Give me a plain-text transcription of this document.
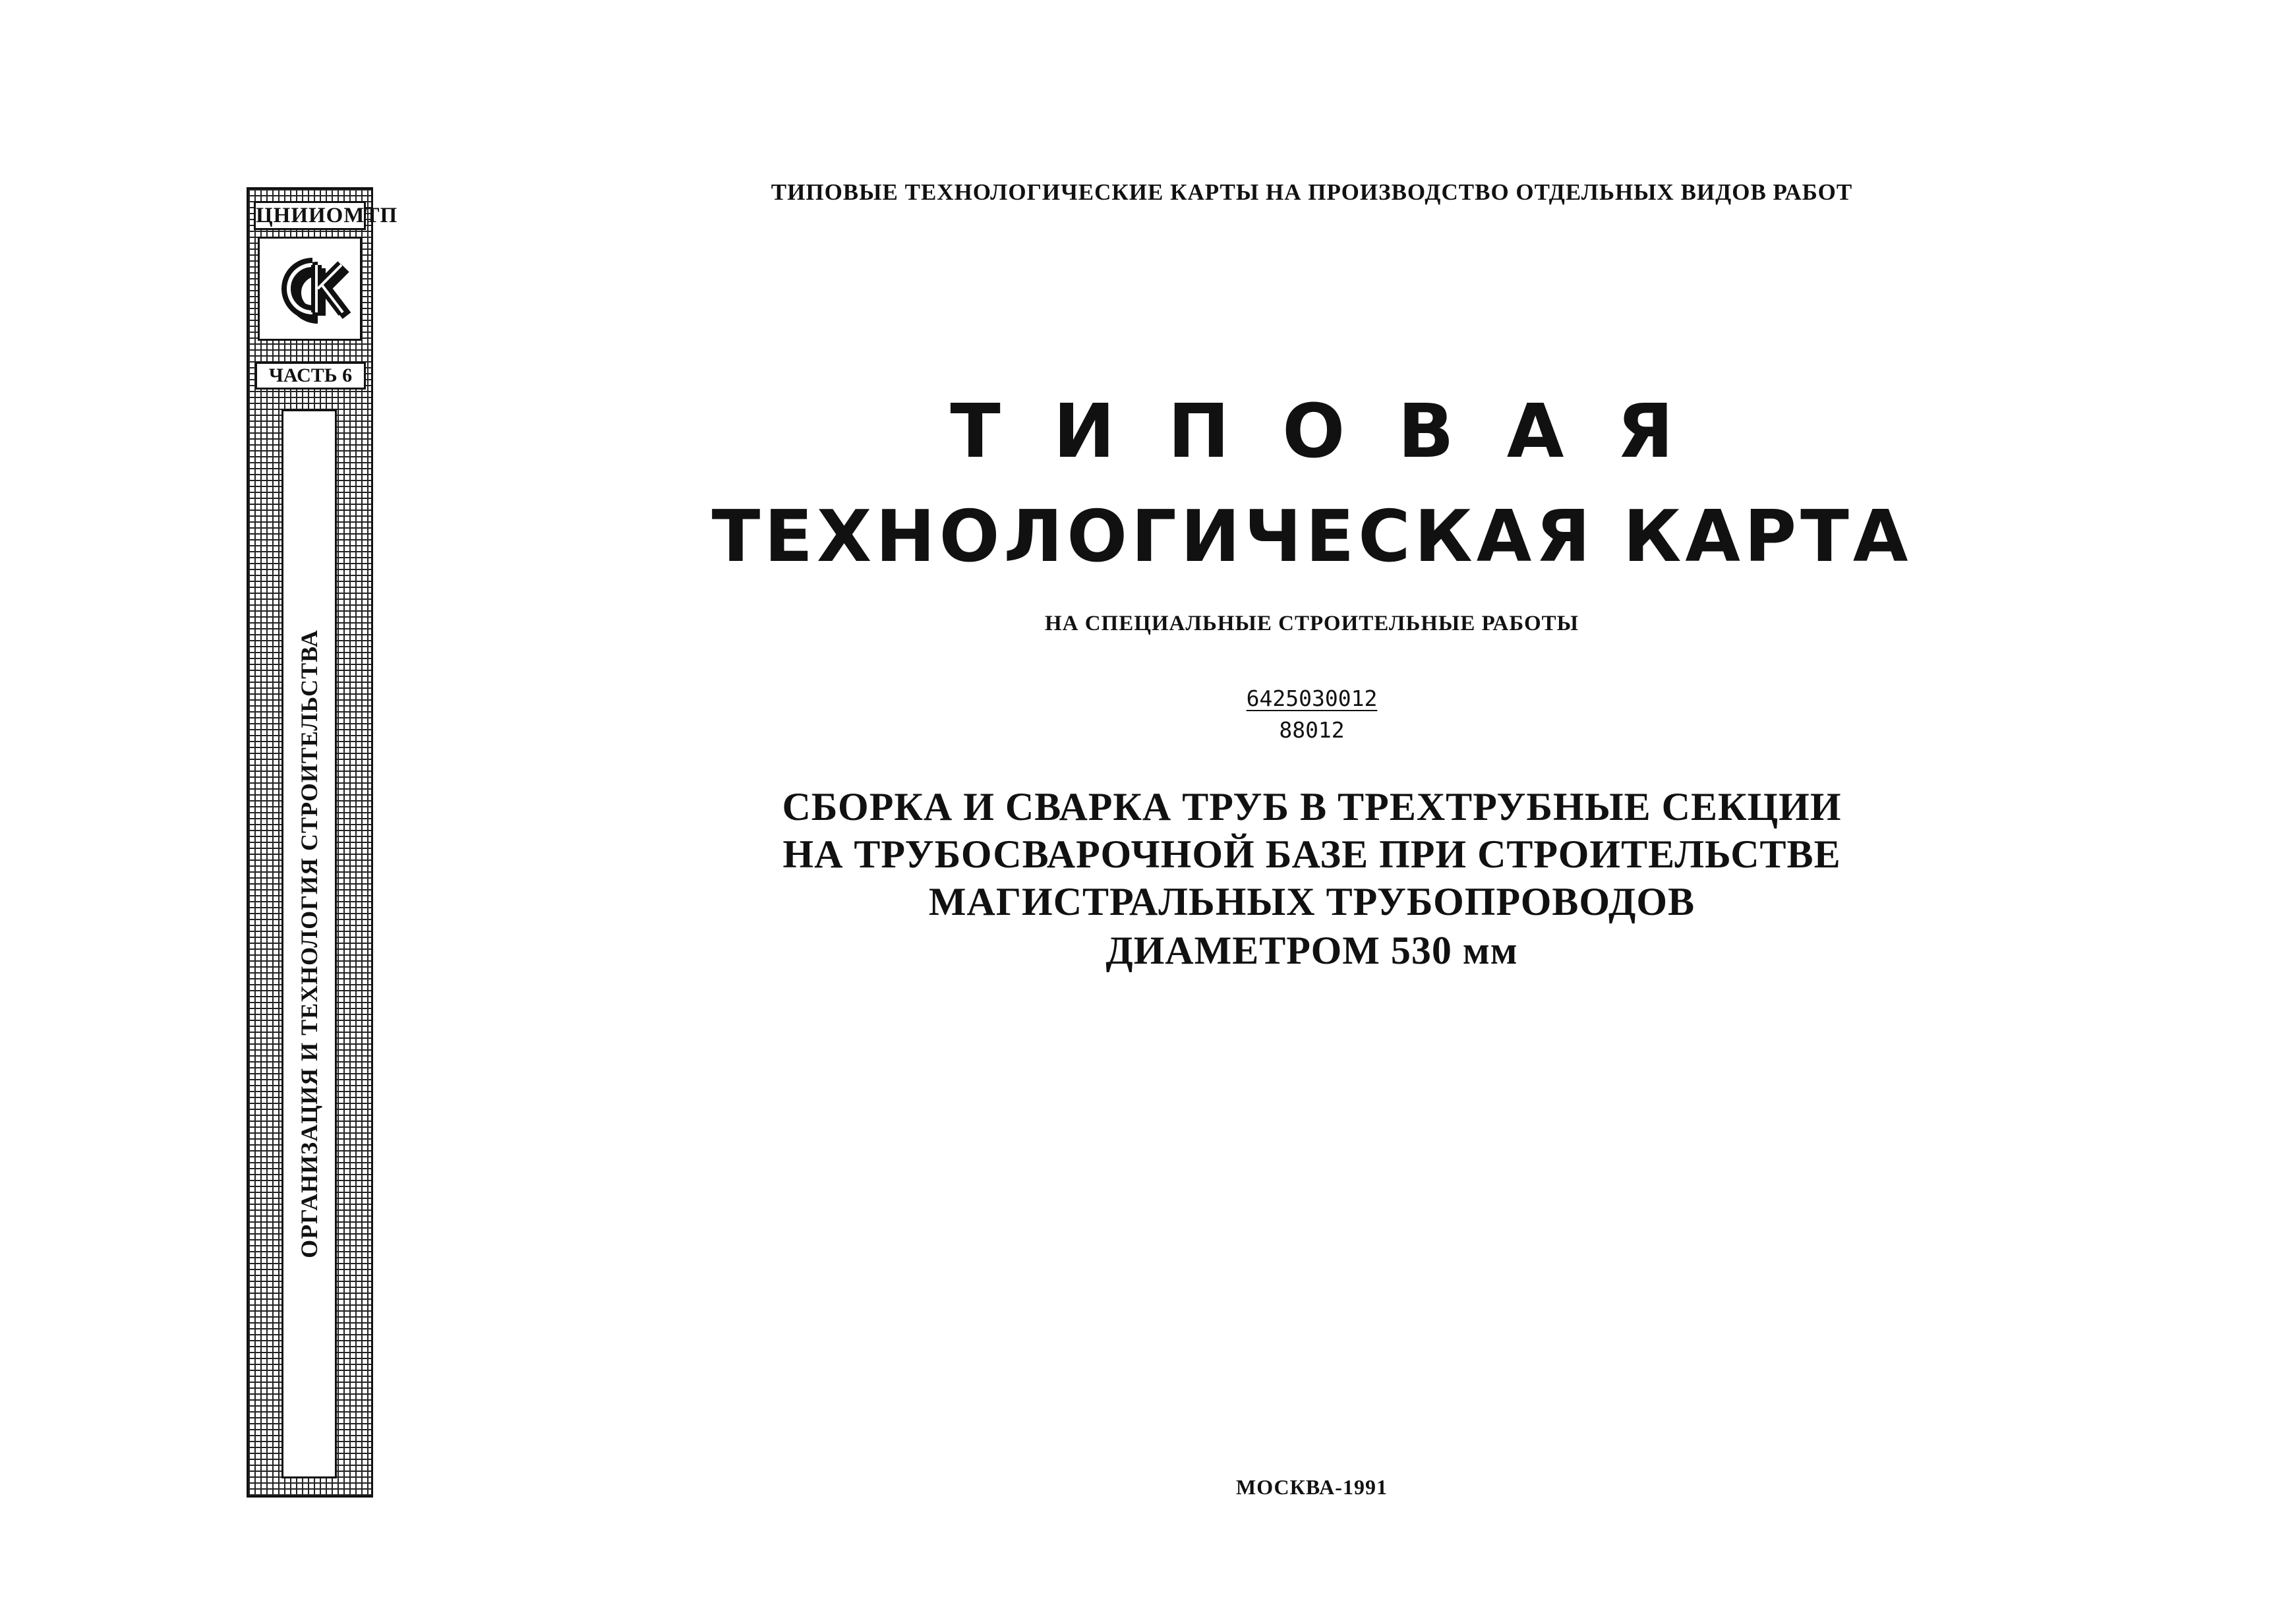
ЦНИИОМТП
ЧАСТЬ 6
ОРГАНИЗАЦИЯ И ТЕХНОЛОГИЯ СТРОИТЕЛЬСТВА
ТИПОВЫЕ ТЕХНОЛОГИЧЕСКИЕ КАРТЫ НА ПРОИЗВОДСТВО ОТДЕЛЬНЫХ ВИДОВ РАБОТ
ТИПОВАЯ
ТЕХНОЛОГИЧЕСКАЯ КАРТА
НА СПЕЦИАЛЬНЫЕ СТРОИТЕЛЬНЫЕ РАБОТЫ
6425030012
88012
СБОРКА И СВАРКА ТРУБ В ТРЕХТРУБНЫЕ СЕКЦИИ
НА ТРУБОСВАРОЧНОЙ БАЗЕ ПРИ СТРОИТЕЛЬСТВЕ
МАГИСТРАЛЬНЫХ ТРУБОПРОВОДОВ
ДИАМЕТРОМ 530 мм
МОСКВА-1991
